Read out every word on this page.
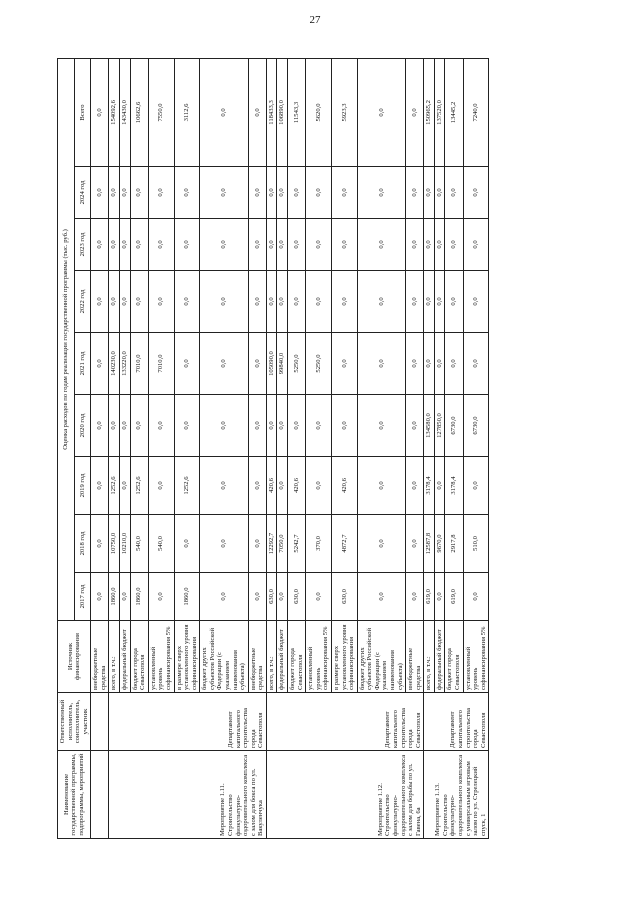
27
Наименование государственной программы, подпрограммы, мероприятий	Ответственный исполнитель, соисполнитель, участник	Источник финансирования	Оценка расходов по годам реализации государственной программы (тыс. руб.)								
			2017 год	2018 год	2019 год	2020 год	2021 год	2022 год	2023 год	2024 год	Всего
		внебюджетные средства	0,0	0,0	0,0	0,0	0,0	0,0	0,0	0,0	0,0
Мероприятие 1.11. Строительство физкультурно-оздоровительного комплекса с залом для бокса по ул. Вакуленчука	Департамент капитального строительства города Севастополя	всего, в т.ч.:	1860,0	10750,0	1252,6	0,0	140230,0	0,0	0,0	0,0	154092,6
		федеральный бюджет	0,0	10210,0	0,0	0,0	133220,0	0,0	0,0	0,0	143430,0
		бюджет города Севастополя	1860,0	540,0	1252,6	0,0	7010,0	0,0	0,0	0,0	10662,6
		установленный уровень софинансирования 5%	0,0	540,0	0,0	0,0	7010,0	0,0	0,0	0,0	7550,0
		в размере сверх установленного уровня софинансирования	1860,0	0,0	1252,6	0,0	0,0	0,0	0,0	0,0	3112,6
		бюджет других субъектов Российской Федерации (с указанием наименования субъекта)	0,0	0,0	0,0	0,0	0,0	0,0	0,0	0,0	0,0
		внебюджетные средства	0,0	0,0	0,0	0,0	0,0	0,0	0,0	0,0	0,0
Мероприятие 1.12. Строительство физкультурно-оздоровительного комплекса с залом для борьбы по ул. Гавена, 6а	Департамент капитального строительства города Севастополя	всего, в т.ч.:	630,0	12292,7	420,6	0,0	105090,0	0,0	0,0	0,0	118433,3
		федеральный бюджет	0,0	7050,0	0,0	0,0	99840,0	0,0	0,0	0,0	106890,0
		бюджет города Севастополя	630,0	5242,7	420,6	0,0	5250,0	0,0	0,0	0,0	11543,3
		установленный уровень софинансирования 5%	0,0	370,0	0,0	0,0	5250,0	0,0	0,0	0,0	5620,0
		в размере сверх установленного уровня софинансирования	630,0	4872,7	420,6	0,0	0,0	0,0	0,0	0,0	5923,3
		бюджет других субъектов Российской Федерации (с указанием наименования субъекта)	0,0	0,0	0,0	0,0	0,0	0,0	0,0	0,0	0,0
		внебюджетные средства	0,0	0,0	0,0	0,0	0,0	0,0	0,0	0,0	0,0
Мероприятие 1.13. Строительство физкультурно-оздоровительного комплекса с универсальным игровым залом по ул. Стрелецкий спуск, 1	Департамент капитального строительства города Севастополя	всего, в т.ч.:	619,0	12587,8	3178,4	134580,0	0,0	0,0	0,0	0,0	150965,2
		федеральный бюджет	0,0	9670,0	0,0	127850,0	0,0	0,0	0,0	0,0	137520,0
		бюджет города Севастополя	619,0	2917,8	3178,4	6730,0	0,0	0,0	0,0	0,0	13445,2
		установленный уровень софинансирования 5%	0,0	510,0	0,0	6730,0	0,0	0,0	0,0	0,0	7240,0
